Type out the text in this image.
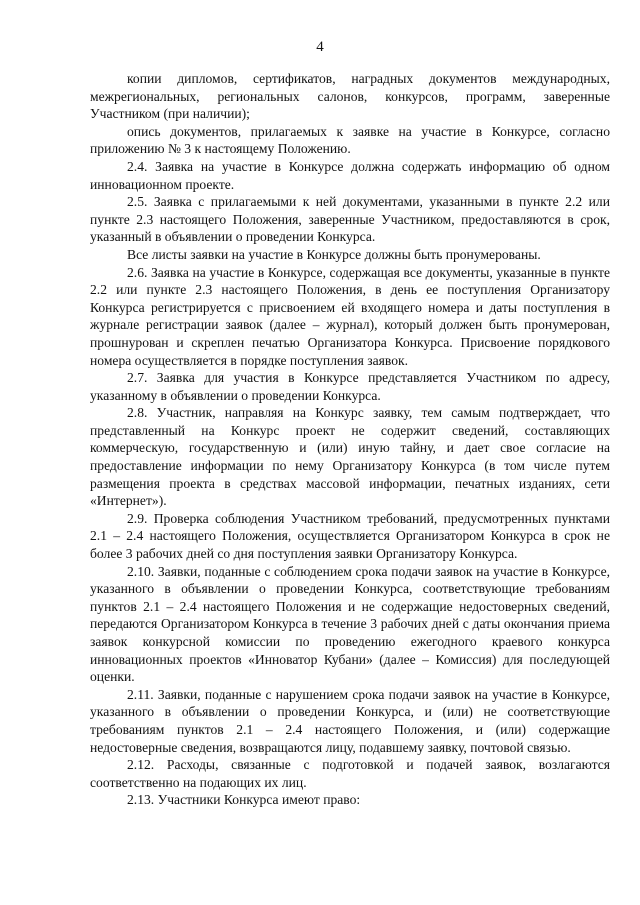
4

копии дипломов, сертификатов, наградных документов международных, межрегиональных, региональных салонов, конкурсов, программ, заверенные Участником (при наличии);

опись документов, прилагаемых к заявке на участие в Конкурсе, согласно приложению № 3 к настоящему Положению.

2.4. Заявка на участие в Конкурсе должна содержать информацию об одном инновационном проекте.

2.5. Заявка с прилагаемыми к ней документами, указанными в пункте 2.2 или пункте 2.3 настоящего Положения, заверенные Участником, предоставляются в срок, указанный в объявлении о проведении Конкурса.

Все листы заявки на участие в Конкурсе должны быть пронумерованы.

2.6. Заявка на участие в Конкурсе, содержащая все документы, указанные в пункте 2.2 или пункте 2.3 настоящего Положения, в день ее поступления Организатору Конкурса регистрируется с присвоением ей входящего номера и даты поступления в журнале регистрации заявок (далее – журнал), который должен быть пронумерован, прошнурован и скреплен печатью Организатора Конкурса. Присвоение порядкового номера осуществляется в порядке поступления заявок.

2.7. Заявка для участия в Конкурсе представляется Участником по адресу, указанному в объявлении о проведении Конкурса.

2.8. Участник, направляя на Конкурс заявку, тем самым подтверждает, что представленный на Конкурс проект не содержит сведений, составляющих коммерческую, государственную и (или) иную тайну, и дает свое согласие на предоставление информации по нему Организатору Конкурса (в том числе путем размещения проекта в средствах массовой информации, печатных изданиях, сети «Интернет»).

2.9. Проверка соблюдения Участником требований, предусмотренных пунктами 2.1 – 2.4 настоящего Положения, осуществляется Организатором Конкурса в срок не более 3 рабочих дней со дня поступления заявки Организатору Конкурса.

2.10. Заявки, поданные с соблюдением срока подачи заявок на участие в Конкурсе, указанного в объявлении о проведении Конкурса, соответствующие требованиям пунктов 2.1 – 2.4 настоящего Положения и не содержащие недостоверных сведений, передаются Организатором Конкурса в течение 3 рабочих дней с даты окончания приема заявок конкурсной комиссии по проведению ежегодного краевого конкурса инновационных проектов «Инноватор Кубани» (далее – Комиссия) для последующей оценки.

2.11. Заявки, поданные с нарушением срока подачи заявок на участие в Конкурсе, указанного в объявлении о проведении Конкурса, и (или) не соответствующие требованиям пунктов 2.1 – 2.4 настоящего Положения, и (или) содержащие недостоверные сведения, возвращаются лицу, подавшему заявку, почтовой связью.

2.12. Расходы, связанные с подготовкой и подачей заявок, возлагаются соответственно на подающих их лиц.

2.13. Участники Конкурса имеют право:
